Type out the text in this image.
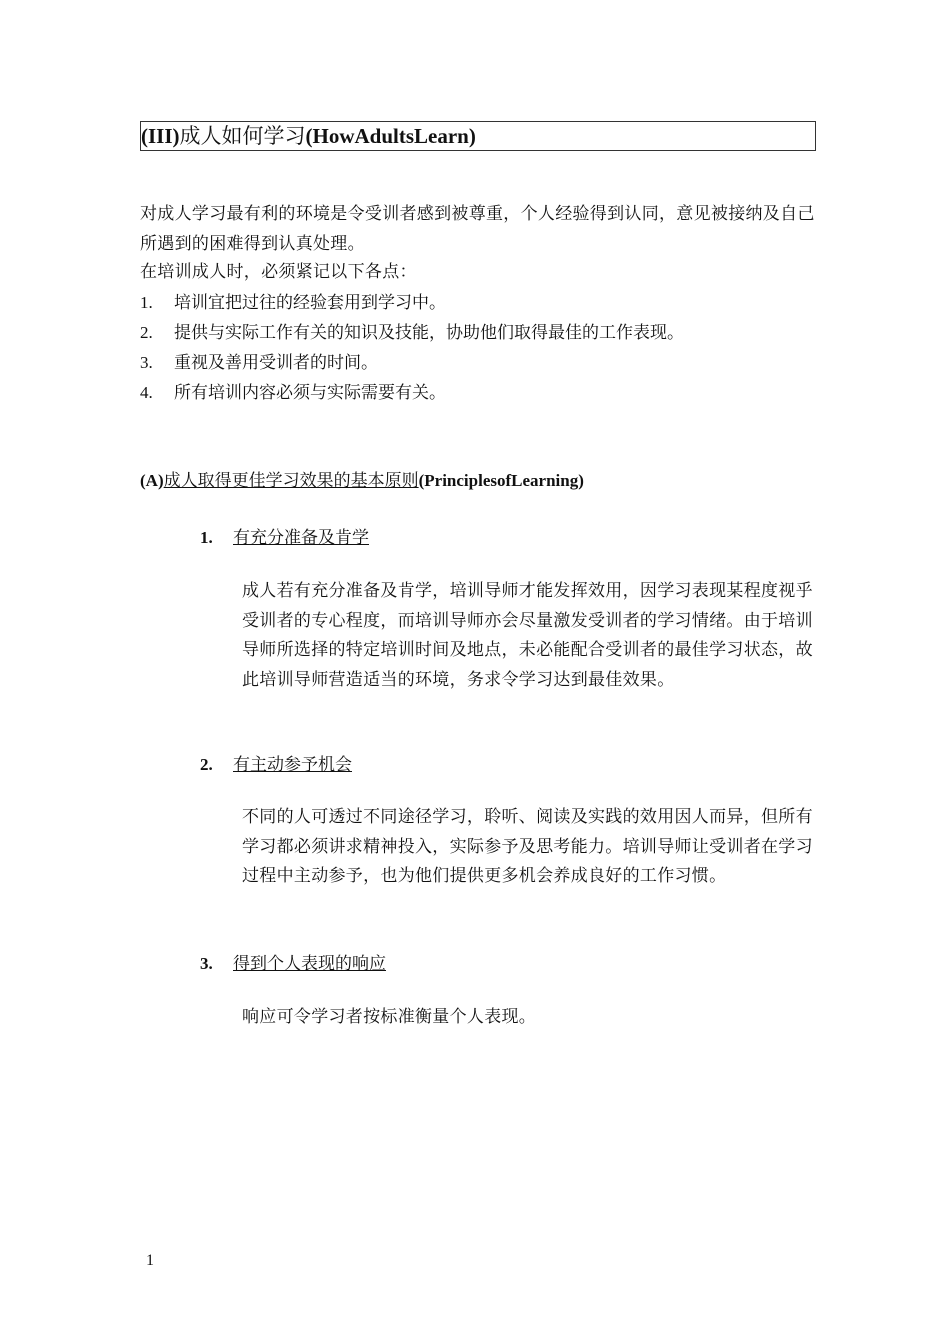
(III)成人如何学习(HowAdultsLearn)
对成人学习最有利的环境是令受训者感到被尊重，个人经验得到认同，意见被接纳及自己所遇到的困难得到认真处理。
在培训成人时，必须紧记以下各点：
1. 培训宜把过往的经验套用到学习中。
2. 提供与实际工作有关的知识及技能，协助他们取得最佳的工作表现。
3. 重视及善用受训者的时间。
4. 所有培训内容必须与实际需要有关。
(A)成人取得更佳学习效果的基本原则(PrinciplesofLearning)
1. 有充分准备及肯学
成人若有充分准备及肯学，培训导师才能发挥效用，因学习表现某程度视乎受训者的专心程度，而培训导师亦会尽量激发受训者的学习情绪。由于培训导师所选择的特定培训时间及地点，未必能配合受训者的最佳学习状态，故此培训导师营造适当的环境，务求令学习达到最佳效果。
2. 有主动参予机会
不同的人可透过不同途径学习，聆听、阅读及实践的效用因人而异，但所有学习都必须讲求精神投入，实际参予及思考能力。培训导师让受训者在学习过程中主动参予，也为他们提供更多机会养成良好的工作习惯。
3. 得到个人表现的响应
响应可令学习者按标准衡量个人表现。
1
